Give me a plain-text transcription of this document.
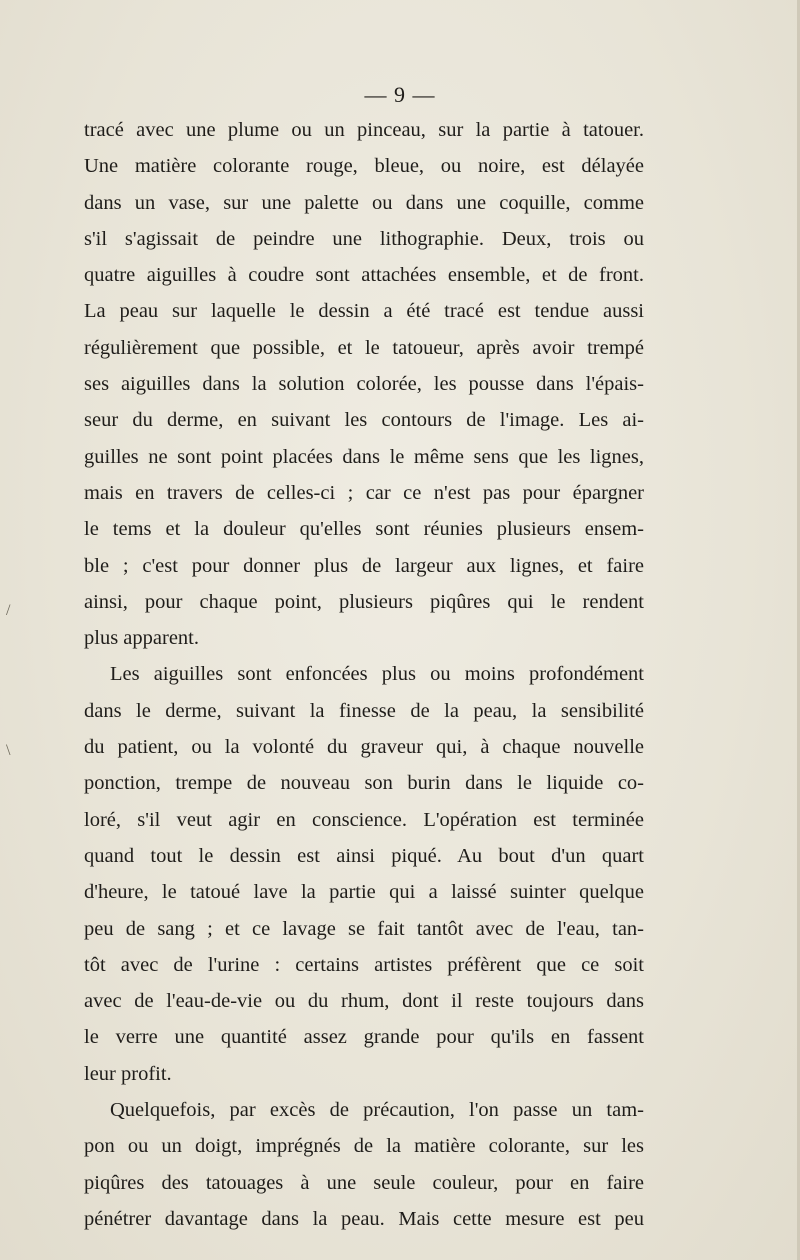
/
\
— 9 —
tracé avec une plume ou un pinceau, sur la partie à tatouer.
Une matière colorante rouge, bleue, ou noire, est délayée
dans un vase, sur une palette ou dans une coquille, comme
s'il s'agissait de peindre une lithographie. Deux, trois ou
quatre aiguilles à coudre sont attachées ensemble, et de front.
La peau sur laquelle le dessin a été tracé est tendue aussi
régulièrement que possible, et le tatoueur, après avoir trempé
ses aiguilles dans la solution colorée, les pousse dans l'épais-
seur du derme, en suivant les contours de l'image. Les ai-
guilles ne sont point placées dans le même sens que les lignes,
mais en travers de celles-ci ; car ce n'est pas pour épargner
le tems et la douleur qu'elles sont réunies plusieurs ensem-
ble ; c'est pour donner plus de largeur aux lignes, et faire
ainsi, pour chaque point, plusieurs piqûres qui le rendent
plus apparent.
Les aiguilles sont enfoncées plus ou moins profondément
dans le derme, suivant la finesse de la peau, la sensibilité
du patient, ou la volonté du graveur qui, à chaque nouvelle
ponction, trempe de nouveau son burin dans le liquide co-
loré, s'il veut agir en conscience. L'opération est terminée
quand tout le dessin est ainsi piqué. Au bout d'un quart
d'heure, le tatoué lave la partie qui a laissé suinter quelque
peu de sang ; et ce lavage se fait tantôt avec de l'eau, tan-
tôt avec de l'urine : certains artistes préfèrent que ce soit
avec de l'eau-de-vie ou du rhum, dont il reste toujours dans
le verre une quantité assez grande pour qu'ils en fassent
leur profit.
Quelquefois, par excès de précaution, l'on passe un tam-
pon ou un doigt, imprégnés de la matière colorante, sur les
piqûres des tatouages à une seule couleur, pour en faire
pénétrer davantage dans la peau. Mais cette mesure est peu
